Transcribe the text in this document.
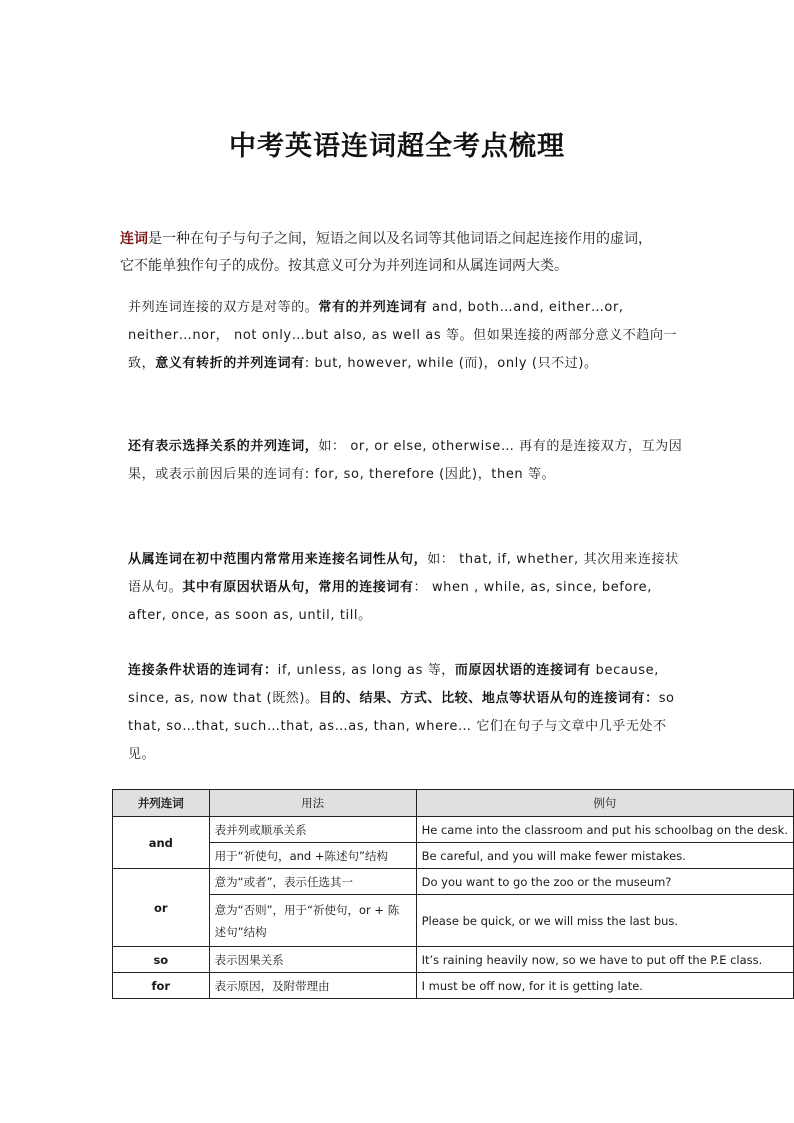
中考英语连词超全考点梳理
连词是一种在句子与句子之间，短语之间以及名词等其他词语之间起连接作用的虚词，
它不能单独作句子的成份。按其意义可分为并列连词和从属连词两大类。
并列连词连接的双方是对等的。常有的并列连词有 and, both…and, either…or, neither…nor， not only…but also, as well as 等。但如果连接的两部分意义不趋向一致，意义有转折的并列连词有: but, however, while (而)，only (只不过)。
还有表示选择关系的并列连词，如： or, or else, otherwise… 再有的是连接双方，互为因果，或表示前因后果的连词有: for, so, therefore (因此)，then 等。
从属连词在初中范围内常常用来连接名词性从句，如： that, if, whether, 其次用来连接状语从句。其中有原因状语从句，常用的连接词有： when , while, as, since, before, after, once, as soon as, until, till。
连接条件状语的连词有：if, unless, as long as 等，而原因状语的连接词有 because, since, as, now that (既然)。目的、结果、方式、比较、地点等状语从句的连接词有：so that, so…that, such…that, as…as, than, where… 它们在句子与文章中几乎无处不见。
并列连词	用法	例句
and	表并列或顺承关系	He came into the classroom and put his schoolbag on the desk.
	用于“祈使句，and +陈述句”结构	Be careful, and you will make fewer mistakes.
or	意为“或者”，表示任选其一	Do you want to go the zoo or the museum?
	意为“否则”，用于“祈使句，or + 陈述句”结构	Please be quick, or we will miss the last bus.
so	表示因果关系	It’s raining heavily now, so we have to put off the P.E class.
for	表示原因，及附带理由	I must be off now, for it is getting late.
